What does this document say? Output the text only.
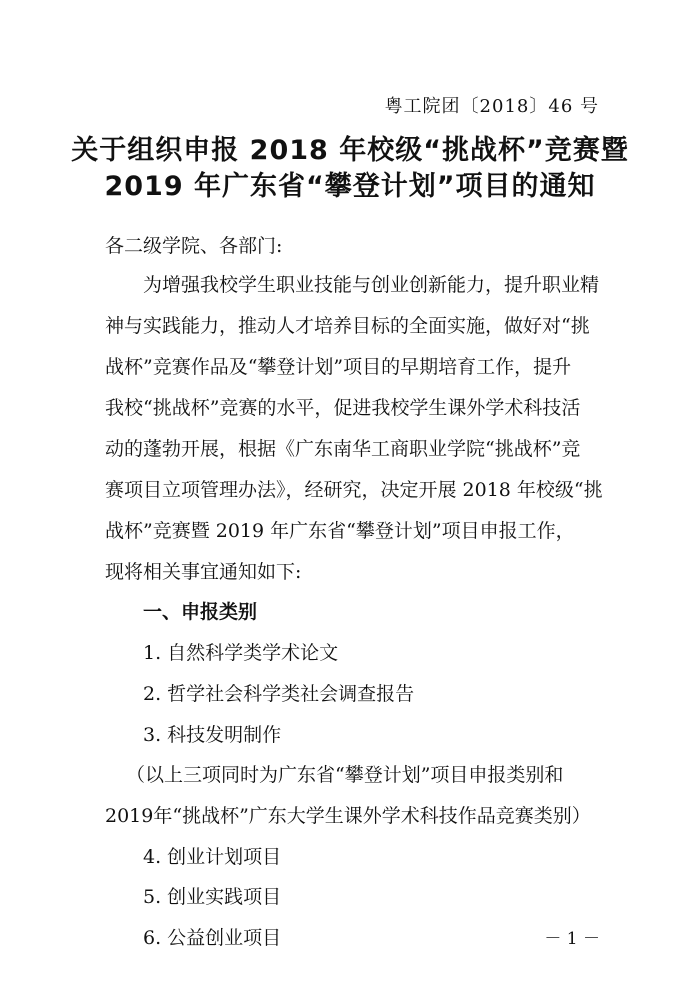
粤工院团〔2018〕46 号
关于组织申报 2018 年校级“挑战杯”竞赛暨
2019 年广东省“攀登计划”项目的通知
各二级学院、各部门:
为增强我校学生职业技能与创业创新能力，提升职业精
神与实践能力，推动人才培养目标的全面实施，做好对“挑
战杯”竞赛作品及“攀登计划”项目的早期培育工作，提升
我校“挑战杯”竞赛的水平，促进我校学生课外学术科技活
动的蓬勃开展，根据《广东南华工商职业学院“挑战杯”竞
赛项目立项管理办法》，经研究，决定开展 2018 年校级“挑
战杯”竞赛暨 2019 年广东省“攀登计划”项目申报工作，
现将相关事宜通知如下:
一、申报类别
1. 自然科学类学术论文
2. 哲学社会科学类社会调查报告
3. 科技发明制作
（以上三项同时为广东省“攀登计划”项目申报类别和
2019年“挑战杯”广东大学生课外学术科技作品竞赛类别）
4. 创业计划项目
5. 创业实践项目
6. 公益创业项目	－ 1 －
